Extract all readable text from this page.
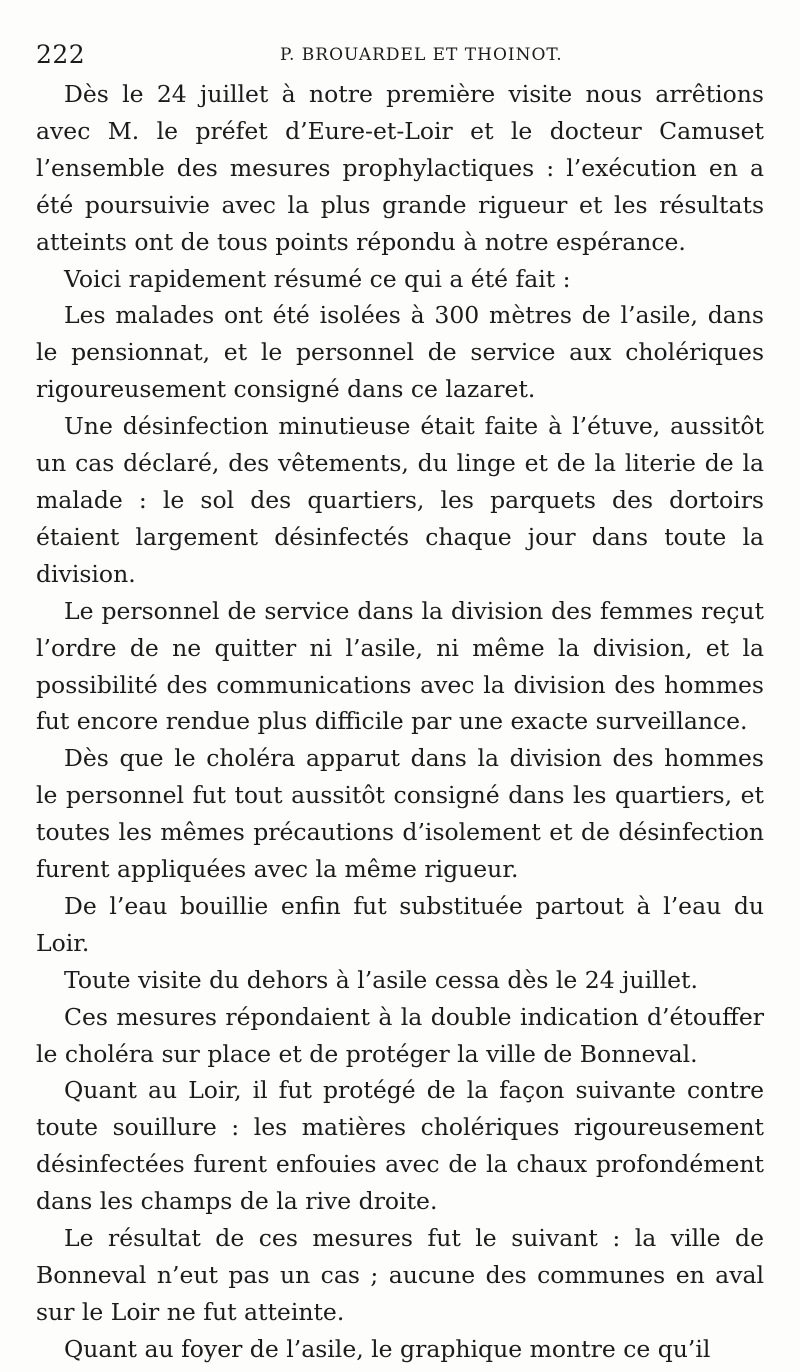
222	P. BROUARDEL ET THOINOT.

Dès le 24 juillet à notre première visite nous arrêtions avec M. le préfet d’Eure-et-Loir et le docteur Camuset l’ensemble des mesures prophylactiques : l’exécution en a été poursuivie avec la plus grande rigueur et les résultats atteints ont de tous points répondu à notre espérance.

Voici rapidement résumé ce qui a été fait :

Les malades ont été isolées à 300 mètres de l’asile, dans le pensionnat, et le personnel de service aux cholériques rigoureusement consigné dans ce lazaret.

Une désinfection minutieuse était faite à l’étuve, aussitôt un cas déclaré, des vêtements, du linge et de la literie de la malade : le sol des quartiers, les parquets des dortoirs étaient largement désinfectés chaque jour dans toute la division.

Le personnel de service dans la division des femmes reçut l’ordre de ne quitter ni l’asile, ni même la division, et la possibilité des communications avec la division des hommes fut encore rendue plus difficile par une exacte surveillance.

Dès que le choléra apparut dans la division des hommes le personnel fut tout aussitôt consigné dans les quartiers, et toutes les mêmes précautions d’isolement et de désinfection furent appliquées avec la même rigueur.

De l’eau bouillie enfin fut substituée partout à l’eau du Loir.

Toute visite du dehors à l’asile cessa dès le 24 juillet.

Ces mesures répondaient à la double indication d’étouffer le choléra sur place et de protéger la ville de Bonneval.

Quant au Loir, il fut protégé de la façon suivante contre toute souillure : les matières cholériques rigoureusement désinfectées furent enfouies avec de la chaux profondément dans les champs de la rive droite.

Le résultat de ces mesures fut le suivant : la ville de Bonneval n’eut pas un cas ; aucune des communes en aval sur le Loir ne fut atteinte.

Quant au foyer de l’asile, le graphique montre ce qu’il
